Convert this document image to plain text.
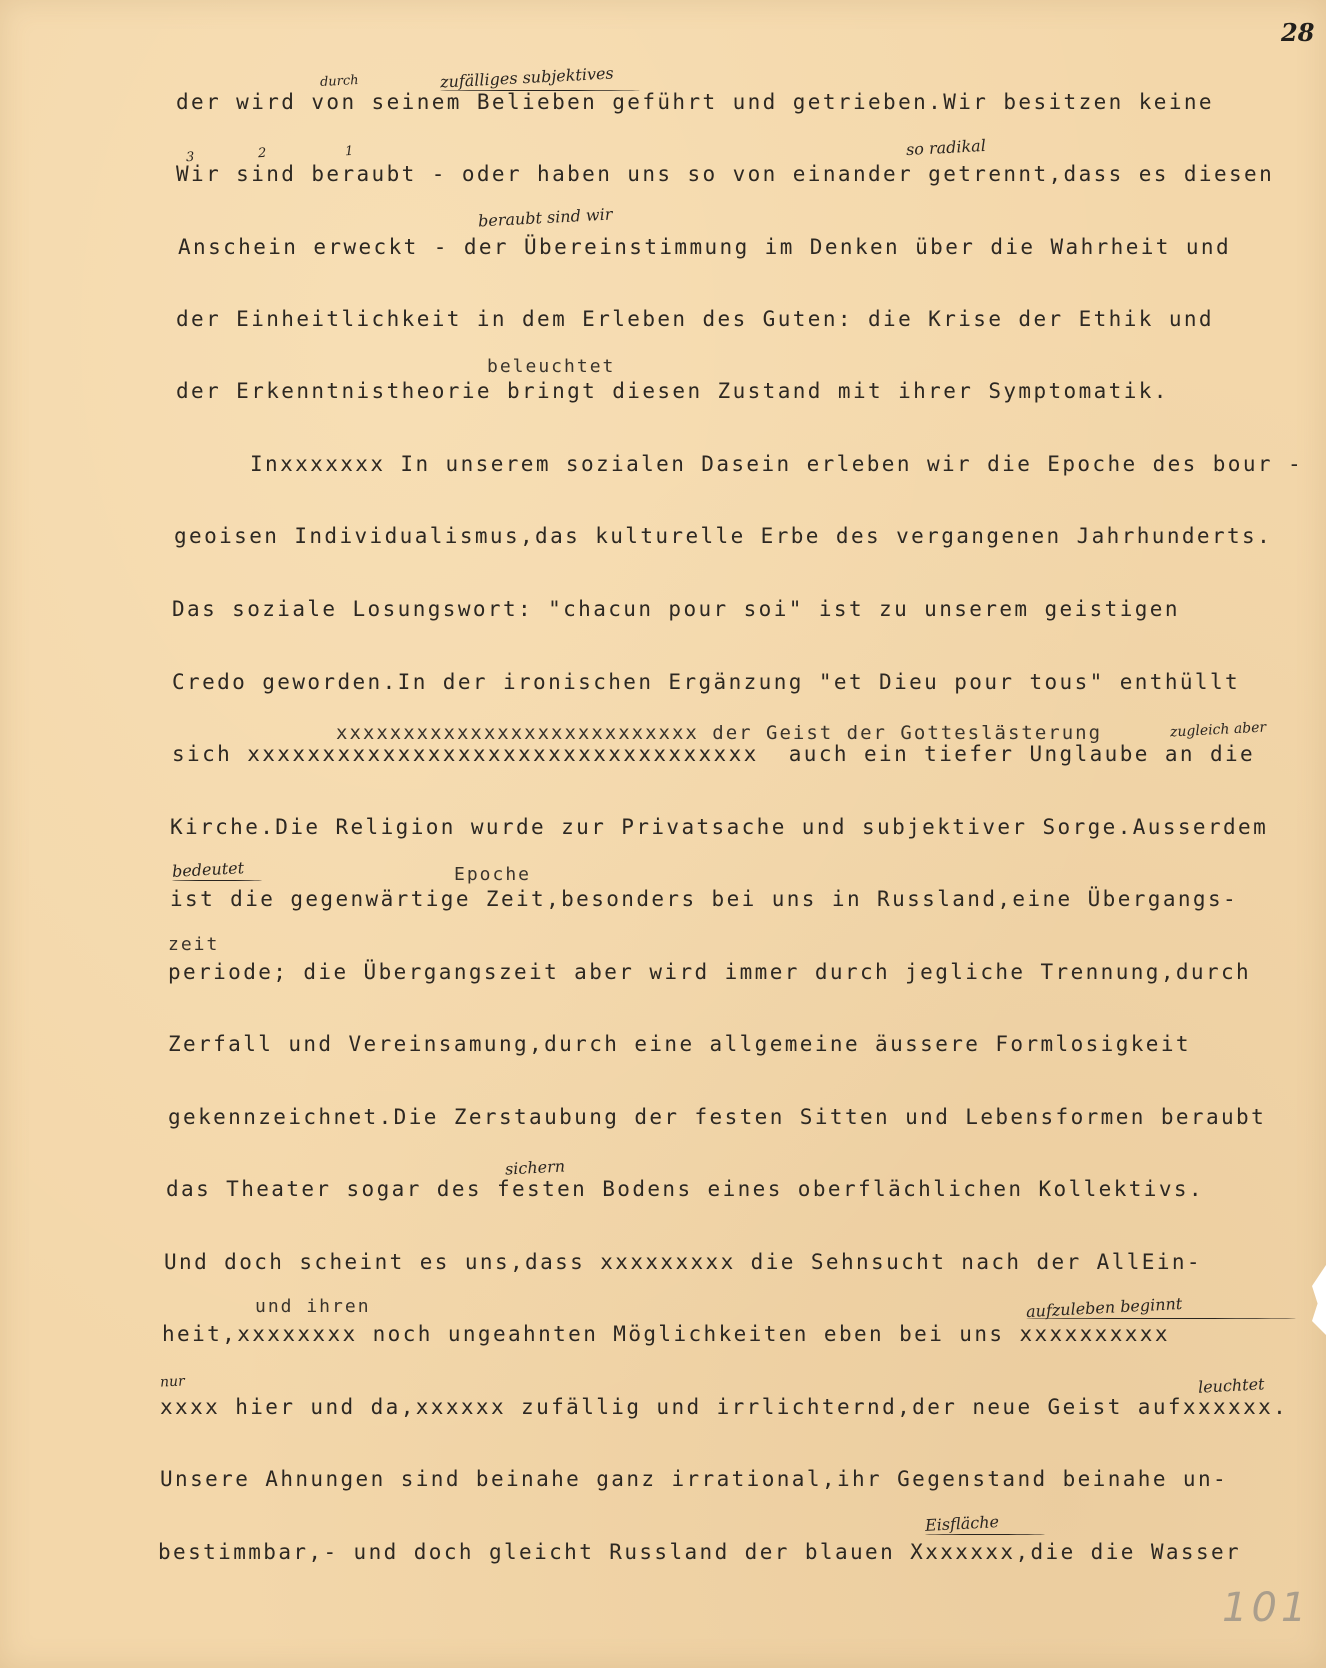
28
der wird von seinem Belieben geführt und getrieben.Wir besitzen keine
Wir sind beraubt - oder haben uns so von einander getrennt,dass es diesen
Anschein erweckt - der Übereinstimmung im Denken über die Wahrheit und
der Einheitlichkeit in dem Erleben des Guten: die Krise der Ethik und
der Erkenntnistheorie bringt diesen Zustand mit ihrer Symptomatik.
Inxxxxxxx In unserem sozialen Dasein erleben wir die Epoche des bour -
geoisen Individualismus,das kulturelle Erbe des vergangenen Jahrhunderts.
Das soziale Losungswort: "chacun pour soi" ist zu unserem geistigen
Credo geworden.In der ironischen Ergänzung "et Dieu pour tous" enthüllt
sich xxxxxxxxxxxxxxxxxxxxxxxxxxxxxxxxxx  auch ein tiefer Unglaube an die
Kirche.Die Religion wurde zur Privatsache und subjektiver Sorge.Ausserdem
ist die gegenwärtige Zeit,besonders bei uns in Russland,eine Übergangs-
periode; die Übergangszeit aber wird immer durch jegliche Trennung,durch
Zerfall und Vereinsamung,durch eine allgemeine äussere Formlosigkeit
gekennzeichnet.Die Zerstaubung der festen Sitten und Lebensformen beraubt
das Theater sogar des festen Bodens eines oberflächlichen Kollektivs.
Und doch scheint es uns,dass xxxxxxxxx die Sehnsucht nach der AllEin-
heit,xxxxxxxx noch ungeahnten Möglichkeiten eben bei uns xxxxxxxxxx
xxxx hier und da,xxxxxx zufällig und irrlichternd,der neue Geist aufxxxxxx.
Unsere Ahnungen sind beinahe ganz irrational,ihr Gegenstand beinahe un-
bestimmbar,- und doch gleicht Russland der blauen Xxxxxxx,die die Wasser
beleuchtet
Epoche
zeit
und ihren
xxxxxxxxxxxxxxxxxxxxxxxxxxx der Geist der Gotteslästerung
durch	zufälliges subjektives
3	2	1	so radikal
beraubt sind wir
bedeutet
sichern
aufzuleben beginnt
nur	leuchtet
zugleich aber
Eisfläche
101
